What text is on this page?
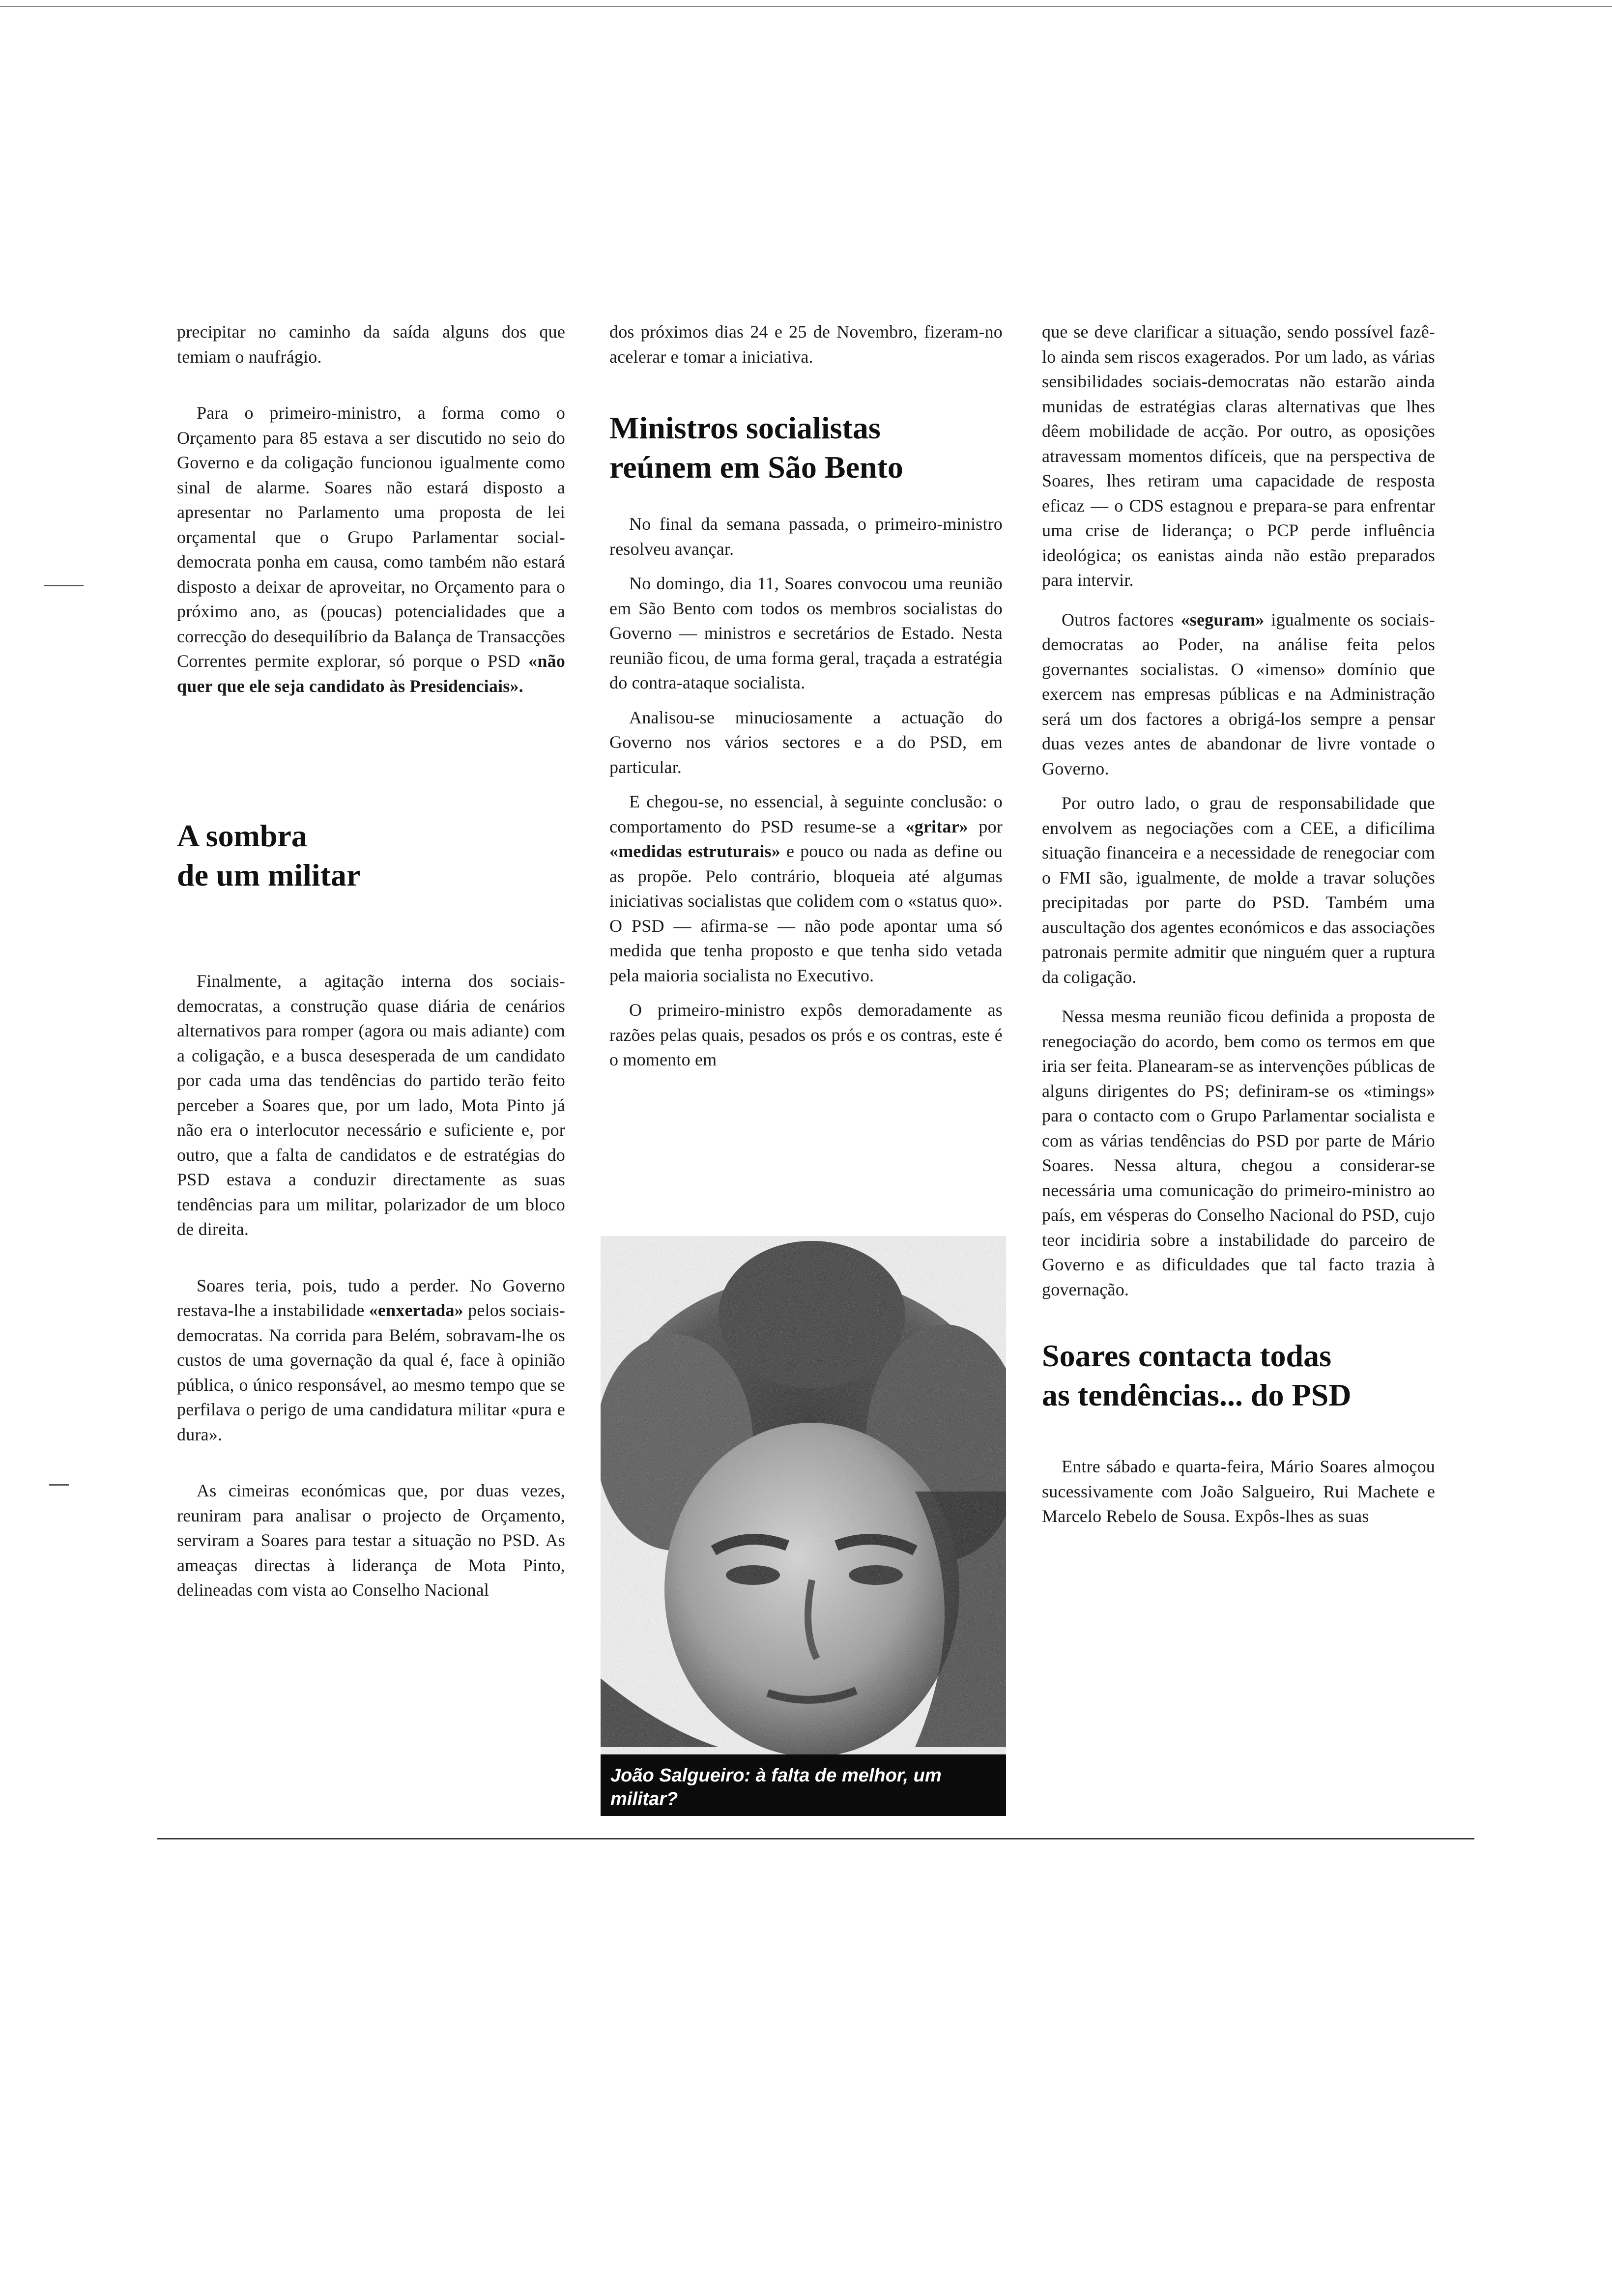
precipitar no caminho da saída alguns dos que temiam o naufrágio.

Para o primeiro-ministro, a forma como o Orçamento para 85 estava a ser discutido no seio do Governo e da coligação funcionou igualmente como sinal de alarme. Soares não estará disposto a apresentar no Parlamento uma proposta de lei orçamental que o Grupo Parlamentar social-democrata ponha em causa, como também não estará disposto a deixar de aproveitar, no Orçamento para o próximo ano, as (poucas) potencialidades que a correcção do desequilíbrio da Balança de Transacções Correntes permite explorar, só porque o PSD «não quer que ele seja candidato às Presidenciais».

A sombra
de um militar

Finalmente, a agitação interna dos sociais-democratas, a construção quase diária de cenários alternativos para romper (agora ou mais adiante) com a coligação, e a busca desesperada de um candidato por cada uma das tendências do partido terão feito perceber a Soares que, por um lado, Mota Pinto já não era o interlocutor necessário e suficiente e, por outro, que a falta de candidatos e de estratégias do PSD estava a conduzir directamente as suas tendências para um militar, polarizador de um bloco de direita.

Soares teria, pois, tudo a perder. No Governo restava-lhe a instabilidade «enxertada» pelos sociais-democratas. Na corrida para Belém, sobravam-lhe os custos de uma governação da qual é, face à opinião pública, o único responsável, ao mesmo tempo que se perfilava o perigo de uma candidatura militar «pura e dura».

As cimeiras económicas que, por duas vezes, reuniram para analisar o projecto de Orçamento, serviram a Soares para testar a situação no PSD. As ameaças directas à liderança de Mota Pinto, delineadas com vista ao Conselho Nacional

dos próximos dias 24 e 25 de Novembro, fizeram-no acelerar e tomar a iniciativa.

Ministros socialistas
reúnem em São Bento

No final da semana passada, o primeiro-ministro resolveu avançar.

No domingo, dia 11, Soares convocou uma reunião em São Bento com todos os membros socialistas do Governo — ministros e secretários de Estado. Nesta reunião ficou, de uma forma geral, traçada a estratégia do contra-ataque socialista.

Analisou-se minuciosamente a actuação do Governo nos vários sectores e a do PSD, em particular.

E chegou-se, no essencial, à seguinte conclusão: o comportamento do PSD resume-se a «gritar» por «medidas estruturais» e pouco ou nada as define ou as propõe. Pelo contrário, bloqueia até algumas iniciativas socialistas que colidem com o «status quo». O PSD — afirma-se — não pode apontar uma só medida que tenha proposto e que tenha sido vetada pela maioria socialista no Executivo.

O primeiro-ministro expôs demoradamente as razões pelas quais, pesados os prós e os contras, este é o momento em

João Salgueiro: à falta de melhor, um militar?

que se deve clarificar a situação, sendo possível fazê-lo ainda sem riscos exagerados. Por um lado, as várias sensibilidades sociais-democratas não estarão ainda munidas de estratégias claras alternativas que lhes dêem mobilidade de acção. Por outro, as oposições atravessam momentos difíceis, que na perspectiva de Soares, lhes retiram uma capacidade de resposta eficaz — o CDS estagnou e prepara-se para enfrentar uma crise de liderança; o PCP perde influência ideológica; os eanistas ainda não estão preparados para intervir.

Outros factores «seguram» igualmente os sociais-democratas ao Poder, na análise feita pelos governantes socialistas. O «imenso» domínio que exercem nas empresas públicas e na Administração será um dos factores a obrigá-los sempre a pensar duas vezes antes de abandonar de livre vontade o Governo.

Por outro lado, o grau de responsabilidade que envolvem as negociações com a CEE, a dificílima situação financeira e a necessidade de renegociar com o FMI são, igualmente, de molde a travar soluções precipitadas por parte do PSD. Também uma auscultação dos agentes económicos e das associações patronais permite admitir que ninguém quer a ruptura da coligação.

Nessa mesma reunião ficou definida a proposta de renegociação do acordo, bem como os termos em que iria ser feita. Planearam-se as intervenções públicas de alguns dirigentes do PS; definiram-se os «timings» para o contacto com o Grupo Parlamentar socialista e com as várias tendências do PSD por parte de Mário Soares. Nessa altura, chegou a considerar-se necessária uma comunicação do primeiro-ministro ao país, em vésperas do Conselho Nacional do PSD, cujo teor incidiria sobre a instabilidade do parceiro de Governo e as dificuldades que tal facto trazia à governação.

Soares contacta todas
as tendências... do PSD

Entre sábado e quarta-feira, Mário Soares almoçou sucessivamente com João Salgueiro, Rui Machete e Marcelo Rebelo de Sousa. Expôs-lhes as suas
